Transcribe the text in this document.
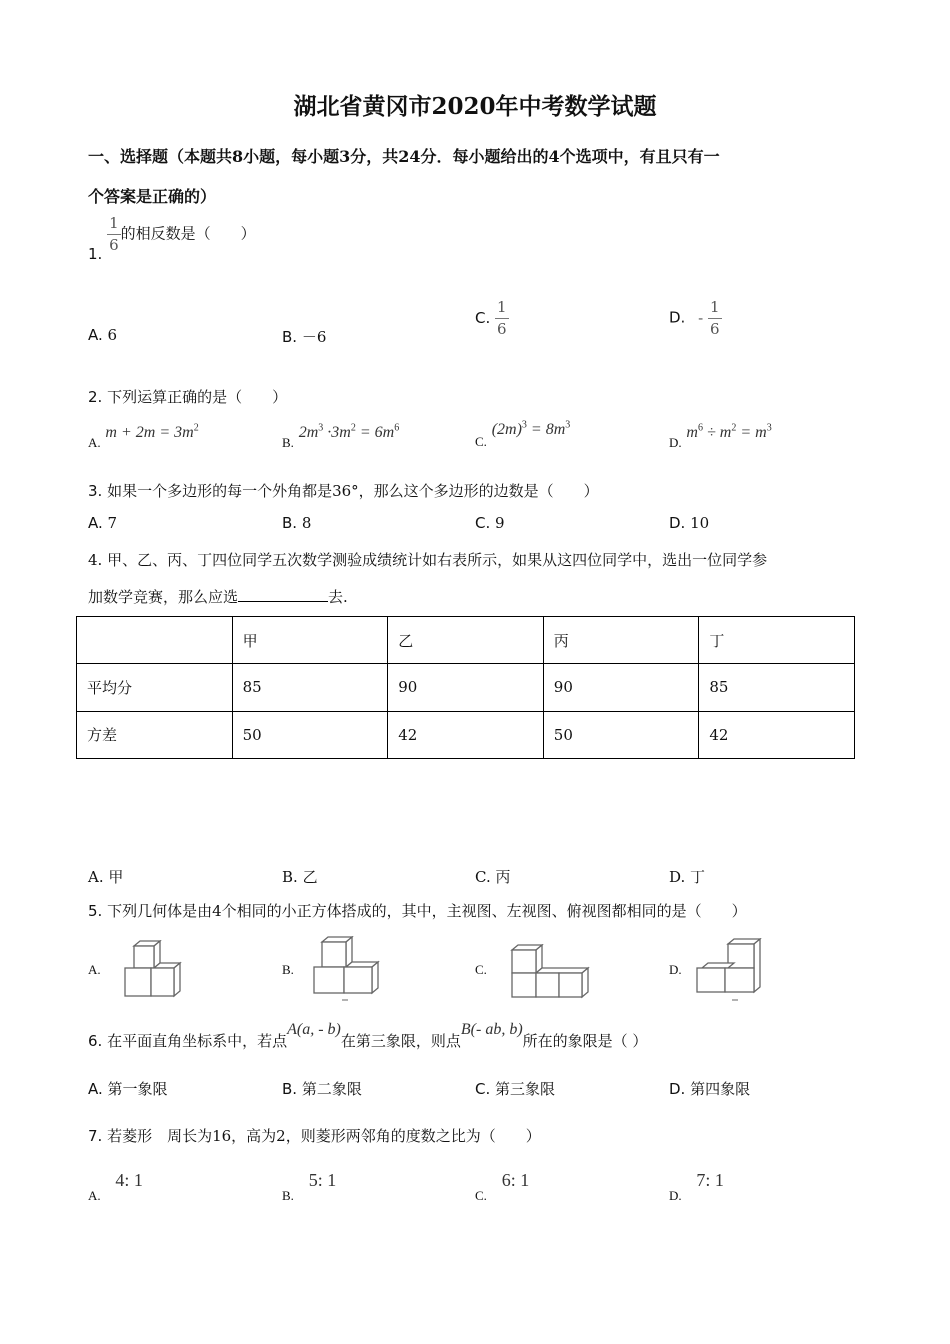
湖北省黄冈市2020年中考数学试题
一、选择题（本题共8小题，每小题3分，共24分．每小题给出的4个选项中，有且只有一
个答案是正确的）
1.
$\frac{1}{6}$ 的相反数是（　　）
A. 6	B. －6
C. $\frac{1}{6}$	D. - $\frac{1}{6}$
2. 下列运算正确的是（　　）
A. $m + 2m = 3m^2$
B. $2m^3 \cdot 3m^2 = 6m^6$
C. $(2m)^3 = 8m^3$
D. $m^6 \div m^2 = m^3$
3. 如果一个多边形的每一个外角都是36°，那么这个多边形的边数是（　　）
A. 7	B. 8	C. 9	D. 10
4. 甲、乙、丙、丁四位同学五次数学测验成绩统计如右表所示，如果从这四位同学中，选出一位同学参
加数学竞赛，那么应选	去.
	甲	乙	丙	丁
平均分	85	90	90	85
方差	50	42	50	42
A. 甲	B. 乙	C. 丙	D. 丁
5. 下列几何体是由4个相同的小正方体搭成的，其中，主视图、左视图、俯视图都相同的是（　　）
A.	B.	C.	D.
6. 在平面直角坐标系中，若点A(a, - b)在第三象限，则点B(- ab, b)所在的象限是（ ）
A. 第一象限	B. 第二象限	C. 第三象限	D. 第四象限
7. 若菱形　周长为16，高为2，则菱形两邻角的度数之比为（　　）
A. 4: 1
B. 5: 1
C. 6: 1
D. 7: 1
